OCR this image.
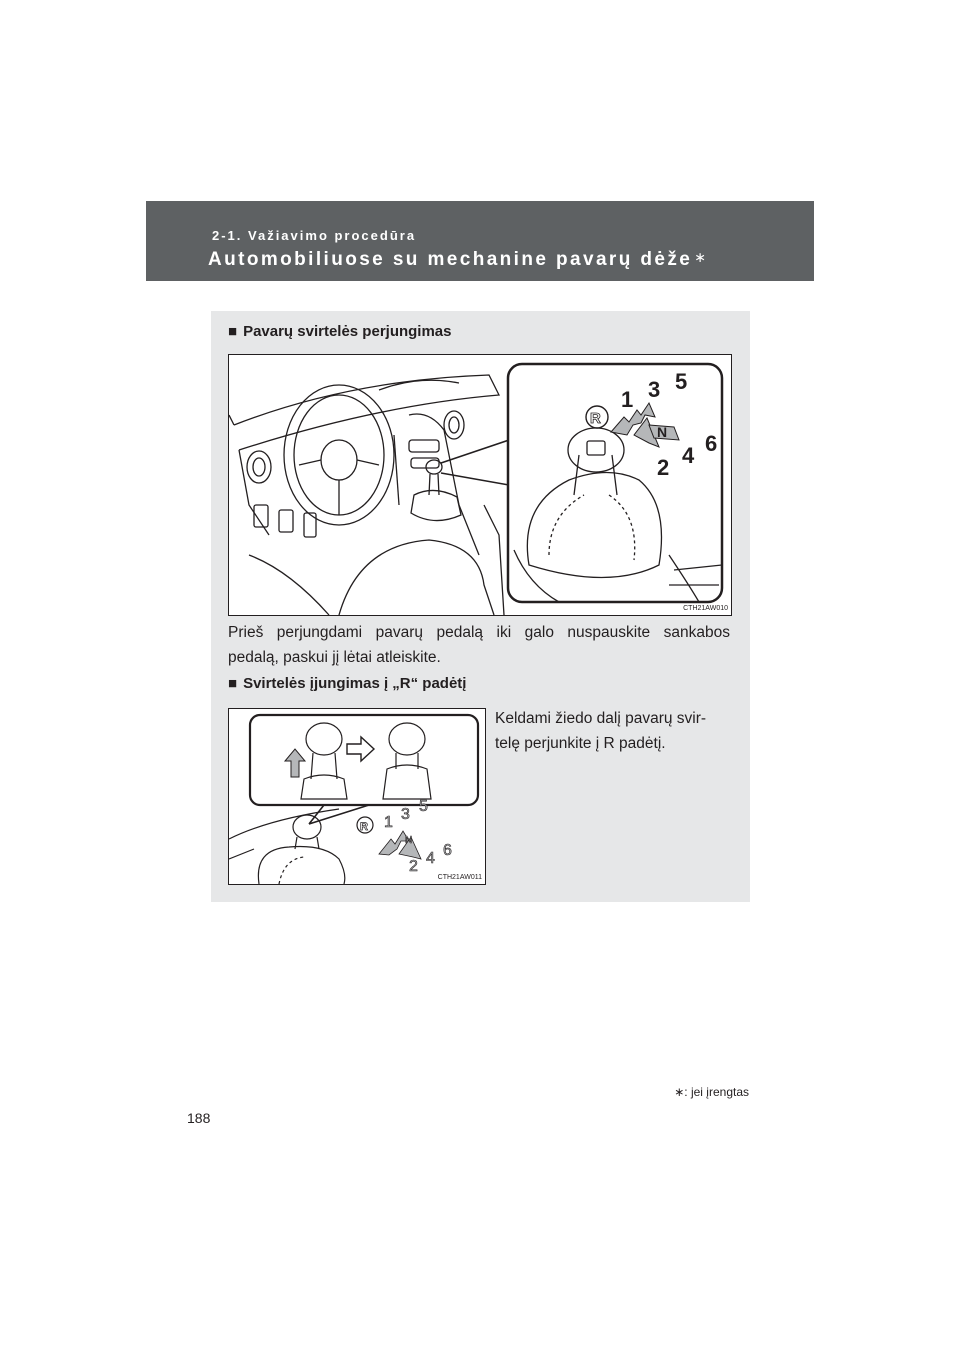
2-1. Važiavimo procedūra
Automobiliuose su mechanine pavarų dėže ∗
■ Pavarų svirtelės perjungimas
R
1 3 5
N
2 4 6
CTH21AW010
Prieš perjungdami pavarų pedalą iki galo nuspauskite sankabos
pedalą, paskui jį lėtai atleiskite.
■ Svirtelės įjungimas į „R“ padėtį
R 1 3 5
N
2 4 6
CTH21AW011
Keldami žiedo dalį pavarų svir-
telę perjunkite į R padėtį.
∗: jei įrengtas
188
